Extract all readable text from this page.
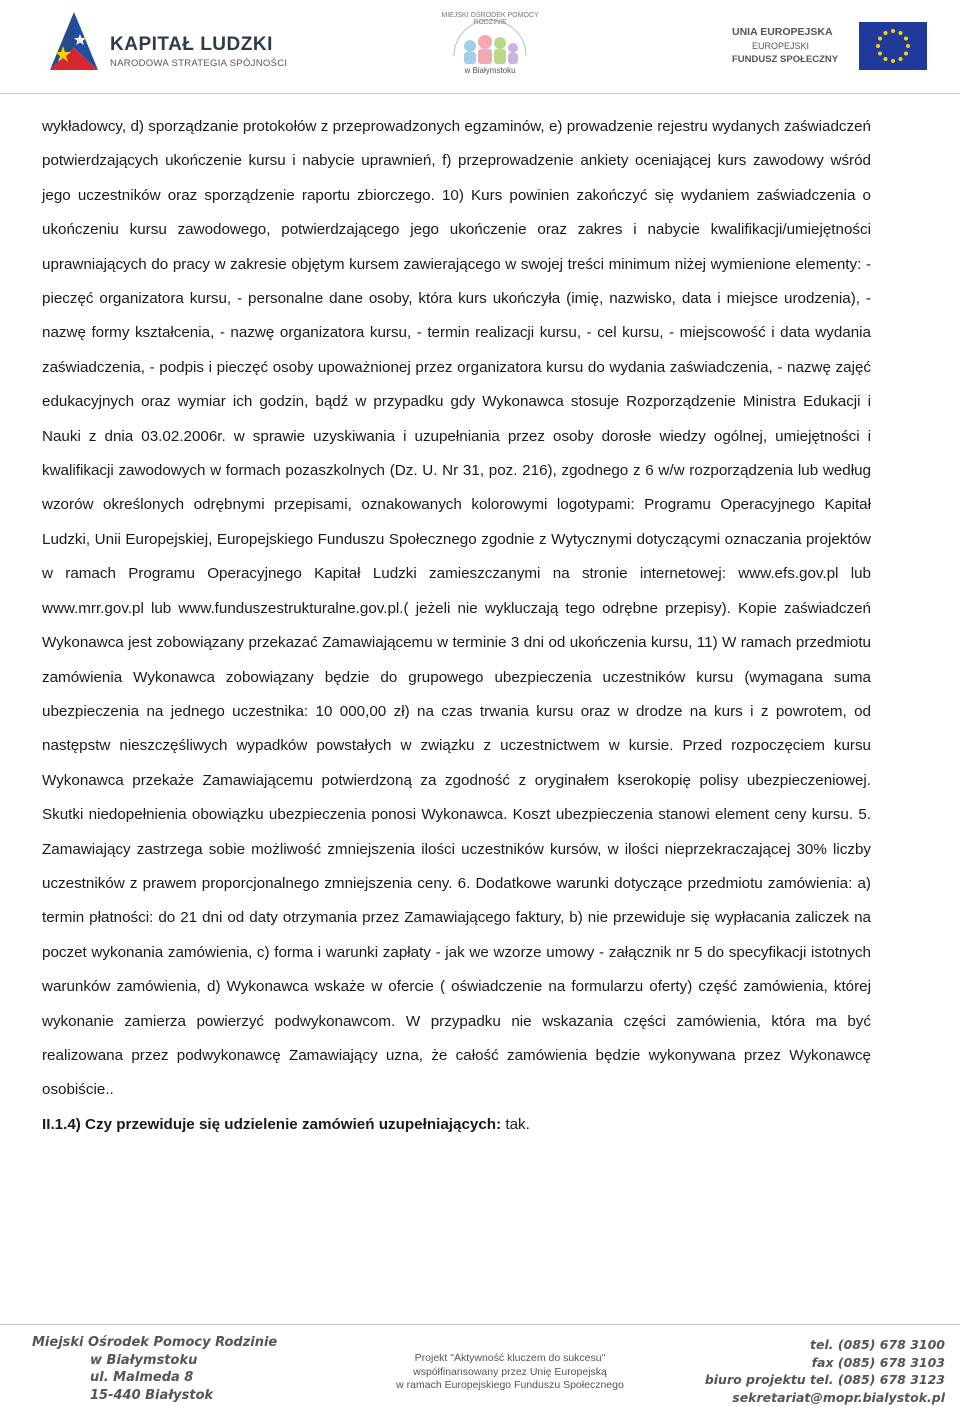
KAPITAŁ LUDZKI
NARODOWA STRATEGIA SPÓJNOŚCI
MIEJSKI OŚRODEK POMOCY RODZINIE
w Białymstoku
UNIA EUROPEJSKA
EUROPEJSKI
FUNDUSZ SPOŁECZNY

wykładowcy, d) sporządzanie protokołów z przeprowadzonych egzaminów, e) prowadzenie rejestru wydanych zaświadczeń potwierdzających ukończenie kursu i nabycie uprawnień, f) przeprowadzenie ankiety oceniającej kurs zawodowy wśród jego uczestników oraz sporządzenie raportu zbiorczego. 10) Kurs powinien zakończyć się wydaniem zaświadczenia o ukończeniu kursu zawodowego, potwierdzającego jego ukończenie oraz zakres i nabycie kwalifikacji/umiejętności uprawniających do pracy w zakresie objętym kursem zawierającego w swojej treści minimum niżej wymienione elementy: - pieczęć organizatora kursu, - personalne dane osoby, która kurs ukończyła (imię, nazwisko, data i miejsce urodzenia), - nazwę formy kształcenia, - nazwę organizatora kursu, - termin realizacji kursu, - cel kursu, - miejscowość i data wydania zaświadczenia, - podpis i pieczęć osoby upoważnionej przez organizatora kursu do wydania zaświadczenia, - nazwę zajęć edukacyjnych oraz wymiar ich godzin, bądź w przypadku gdy Wykonawca stosuje Rozporządzenie Ministra Edukacji i Nauki z dnia 03.02.2006r. w sprawie uzyskiwania i uzupełniania przez osoby dorosłe wiedzy ogólnej, umiejętności i kwalifikacji zawodowych w formach pozaszkolnych (Dz. U. Nr 31, poz. 216), zgodnego z 6 w/w rozporządzenia lub według wzorów określonych odrębnymi przepisami, oznakowanych kolorowymi logotypami: Programu Operacyjnego Kapitał Ludzki, Unii Europejskiej, Europejskiego Funduszu Społecznego zgodnie z Wytycznymi dotyczącymi oznaczania projektów w ramach Programu Operacyjnego Kapitał Ludzki zamieszczanymi na stronie internetowej: www.efs.gov.pl lub www.mrr.gov.pl lub www.funduszestrukturalne.gov.pl.( jeżeli nie wykluczają tego odrębne przepisy). Kopie zaświadczeń Wykonawca jest zobowiązany przekazać Zamawiającemu w terminie 3 dni od ukończenia kursu, 11) W ramach przedmiotu zamówienia Wykonawca zobowiązany będzie do grupowego ubezpieczenia uczestników kursu (wymagana suma ubezpieczenia na jednego uczestnika: 10 000,00 zł) na czas trwania kursu oraz w drodze na kurs i z powrotem, od następstw nieszczęśliwych wypadków powstałych w związku z uczestnictwem w kursie. Przed rozpoczęciem kursu Wykonawca przekaże Zamawiającemu potwierdzoną za zgodność z oryginałem kserokopię polisy ubezpieczeniowej. Skutki niedopełnienia obowiązku ubezpieczenia ponosi Wykonawca. Koszt ubezpieczenia stanowi element ceny kursu. 5. Zamawiający zastrzega sobie możliwość zmniejszenia ilości uczestników kursów, w ilości nieprzekraczającej 30% liczby uczestników z prawem proporcjonalnego zmniejszenia ceny. 6. Dodatkowe warunki dotyczące przedmiotu zamówienia: a) termin płatności: do 21 dni od daty otrzymania przez Zamawiającego faktury, b) nie przewiduje się wypłacania zaliczek na poczet wykonania zamówienia, c) forma i warunki zapłaty - jak we wzorze umowy - załącznik nr 5 do specyfikacji istotnych warunków zamówienia, d) Wykonawca wskaże w ofercie ( oświadczenie na formularzu oferty) część zamówienia, której wykonanie zamierza powierzyć podwykonawcom. W przypadku nie wskazania części zamówienia, która ma być realizowana przez podwykonawcę Zamawiający uzna, że całość zamówienia będzie wykonywana przez Wykonawcę osobiście..

II.1.4) Czy przewiduje się udzielenie zamówień uzupełniających: tak.

Miejski Ośrodek Pomocy Rodzinie
w Białymstoku
ul. Malmeda 8
15-440 Białystok
Projekt "Aktywność kluczem do sukcesu"
współfinansowany przez Unię Europejską
w ramach Europejskiego Funduszu Społecznego
tel. (085) 678 3100
fax (085) 678 3103
biuro projektu tel. (085) 678 3123
sekretariat@mopr.bialystok.pl
